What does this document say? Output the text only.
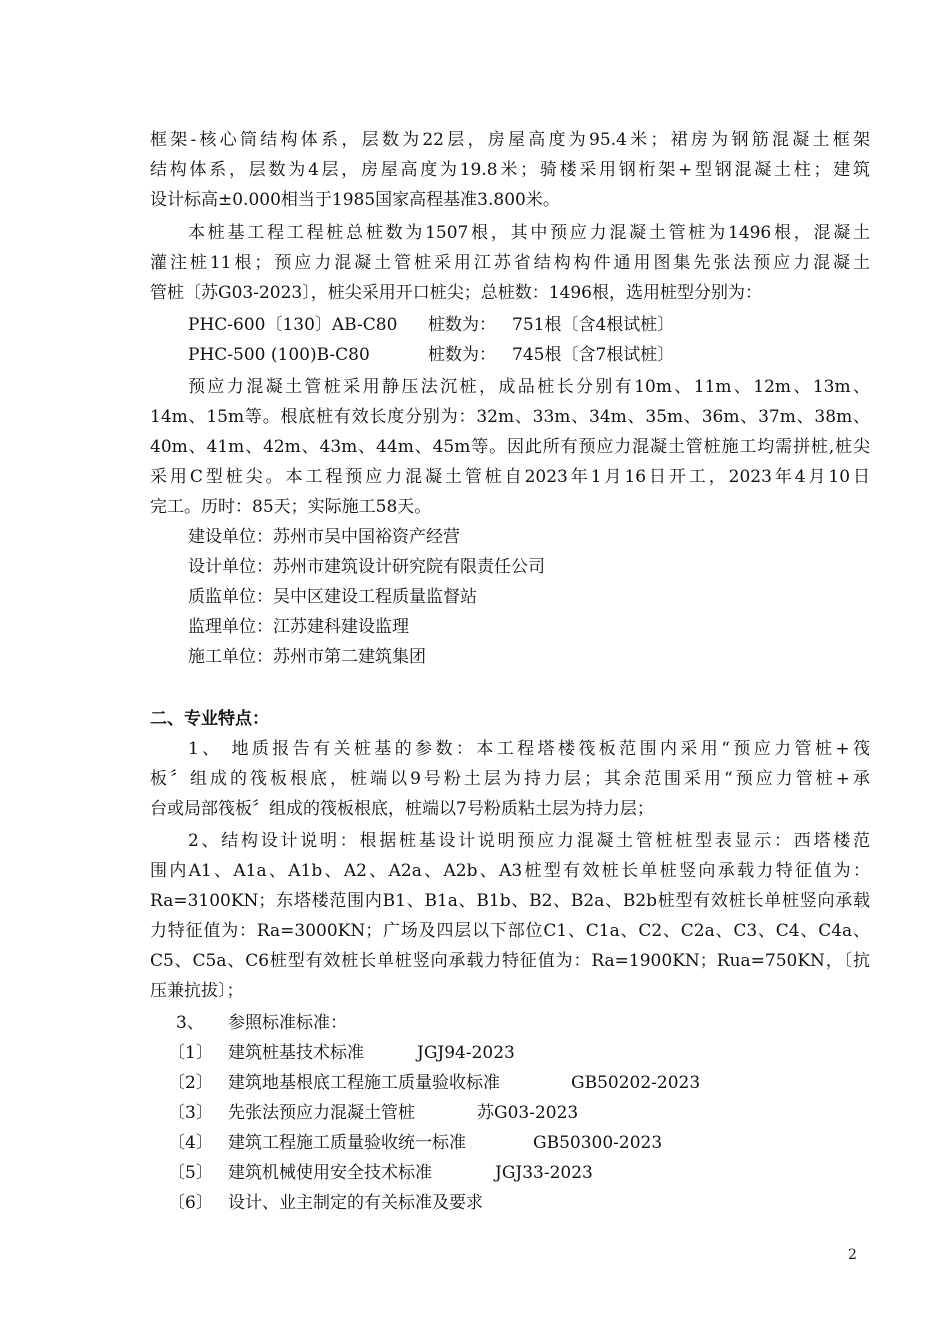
框架-核心筒结构体系，层数为22层，房屋高度为95.4米；裙房为钢筋混凝土框架
结构体系，层数为4层，房屋高度为19.8米；骑楼采用钢桁架+型钢混凝土柱；建筑
设计标高±0.000相当于1985国家高程基准3.800米。
本桩基工程工程桩总桩数为1507根，其中预应力混凝土管桩为1496根，混凝土
灌注桩11根；预应力混凝土管桩采用江苏省结构构件通用图集先张法预应力混凝土
管桩〔苏G03-2023〕，桩尖采用开口桩尖；总桩数：1496根，选用桩型分别为：
PHC-600〔130〕AB-C80 桩数为： 751根〔含4根试桩〕
PHC-500 (100)B-C80	桩数为： 745根〔含7根试桩〕
预应力混凝土管桩采用静压法沉桩，成品桩长分别有10m、11m、12m、13m、
14m、15m等。根底桩有效长度分别为：32m、33m、34m、35m、36m、37m、38m、
40m、41m、42m、43m、44m、45m等。因此所有预应力混凝土管桩施工均需拼桩,桩尖
采用C型桩尖。本工程预应力混凝土管桩自2023年1月16日开工，2023年4月10日
完工。历时：85天；实际施工58天。
建设单位：苏州市吴中国裕资产经营
设计单位：苏州市建筑设计研究院有限责任公司
质监单位：吴中区建设工程质量监督站
监理单位：江苏建科建设监理
施工单位：苏州市第二建筑集团
二、专业特点：
1、 地质报告有关桩基的参数：本工程塔楼筏板范围内采用“预应力管桩+筏
板〞组成的筏板根底，桩端以9号粉土层为持力层；其余范围采用“预应力管桩+承
台或局部筏板〞组成的筏板根底，桩端以7号粉质粘土层为持力层；
2、结构设计说明：根据桩基设计说明预应力混凝土管桩桩型表显示：西塔楼范
围内A1、A1a、A1b、A2、A2a、A2b、A3桩型有效桩长单桩竖向承载力特征值为：
Ra=3100KN；东塔楼范围内B1、B1a、B1b、B2、B2a、B2b桩型有效桩长单桩竖向承载
力特征值为：Ra=3000KN；广场及四层以下部位C1、C1a、C2、C2a、C3、C4、C4a、
C5、C5a、C6桩型有效桩长单桩竖向承载力特征值为：Ra=1900KN；Rua=750KN，〔抗
压兼抗拔〕；
3、 参照标准标准：
〔1〕 建筑桩基技术标准	JGJ94-2023
〔2〕 建筑地基根底工程施工质量验收标准	GB50202-2023
〔3〕 先张法预应力混凝土管桩	苏G03-2023
〔4〕 建筑工程施工质量验收统一标准	GB50300-2023
〔5〕 建筑机械使用安全技术标准	JGJ33-2023
〔6〕 设计、业主制定的有关标准及要求
2
